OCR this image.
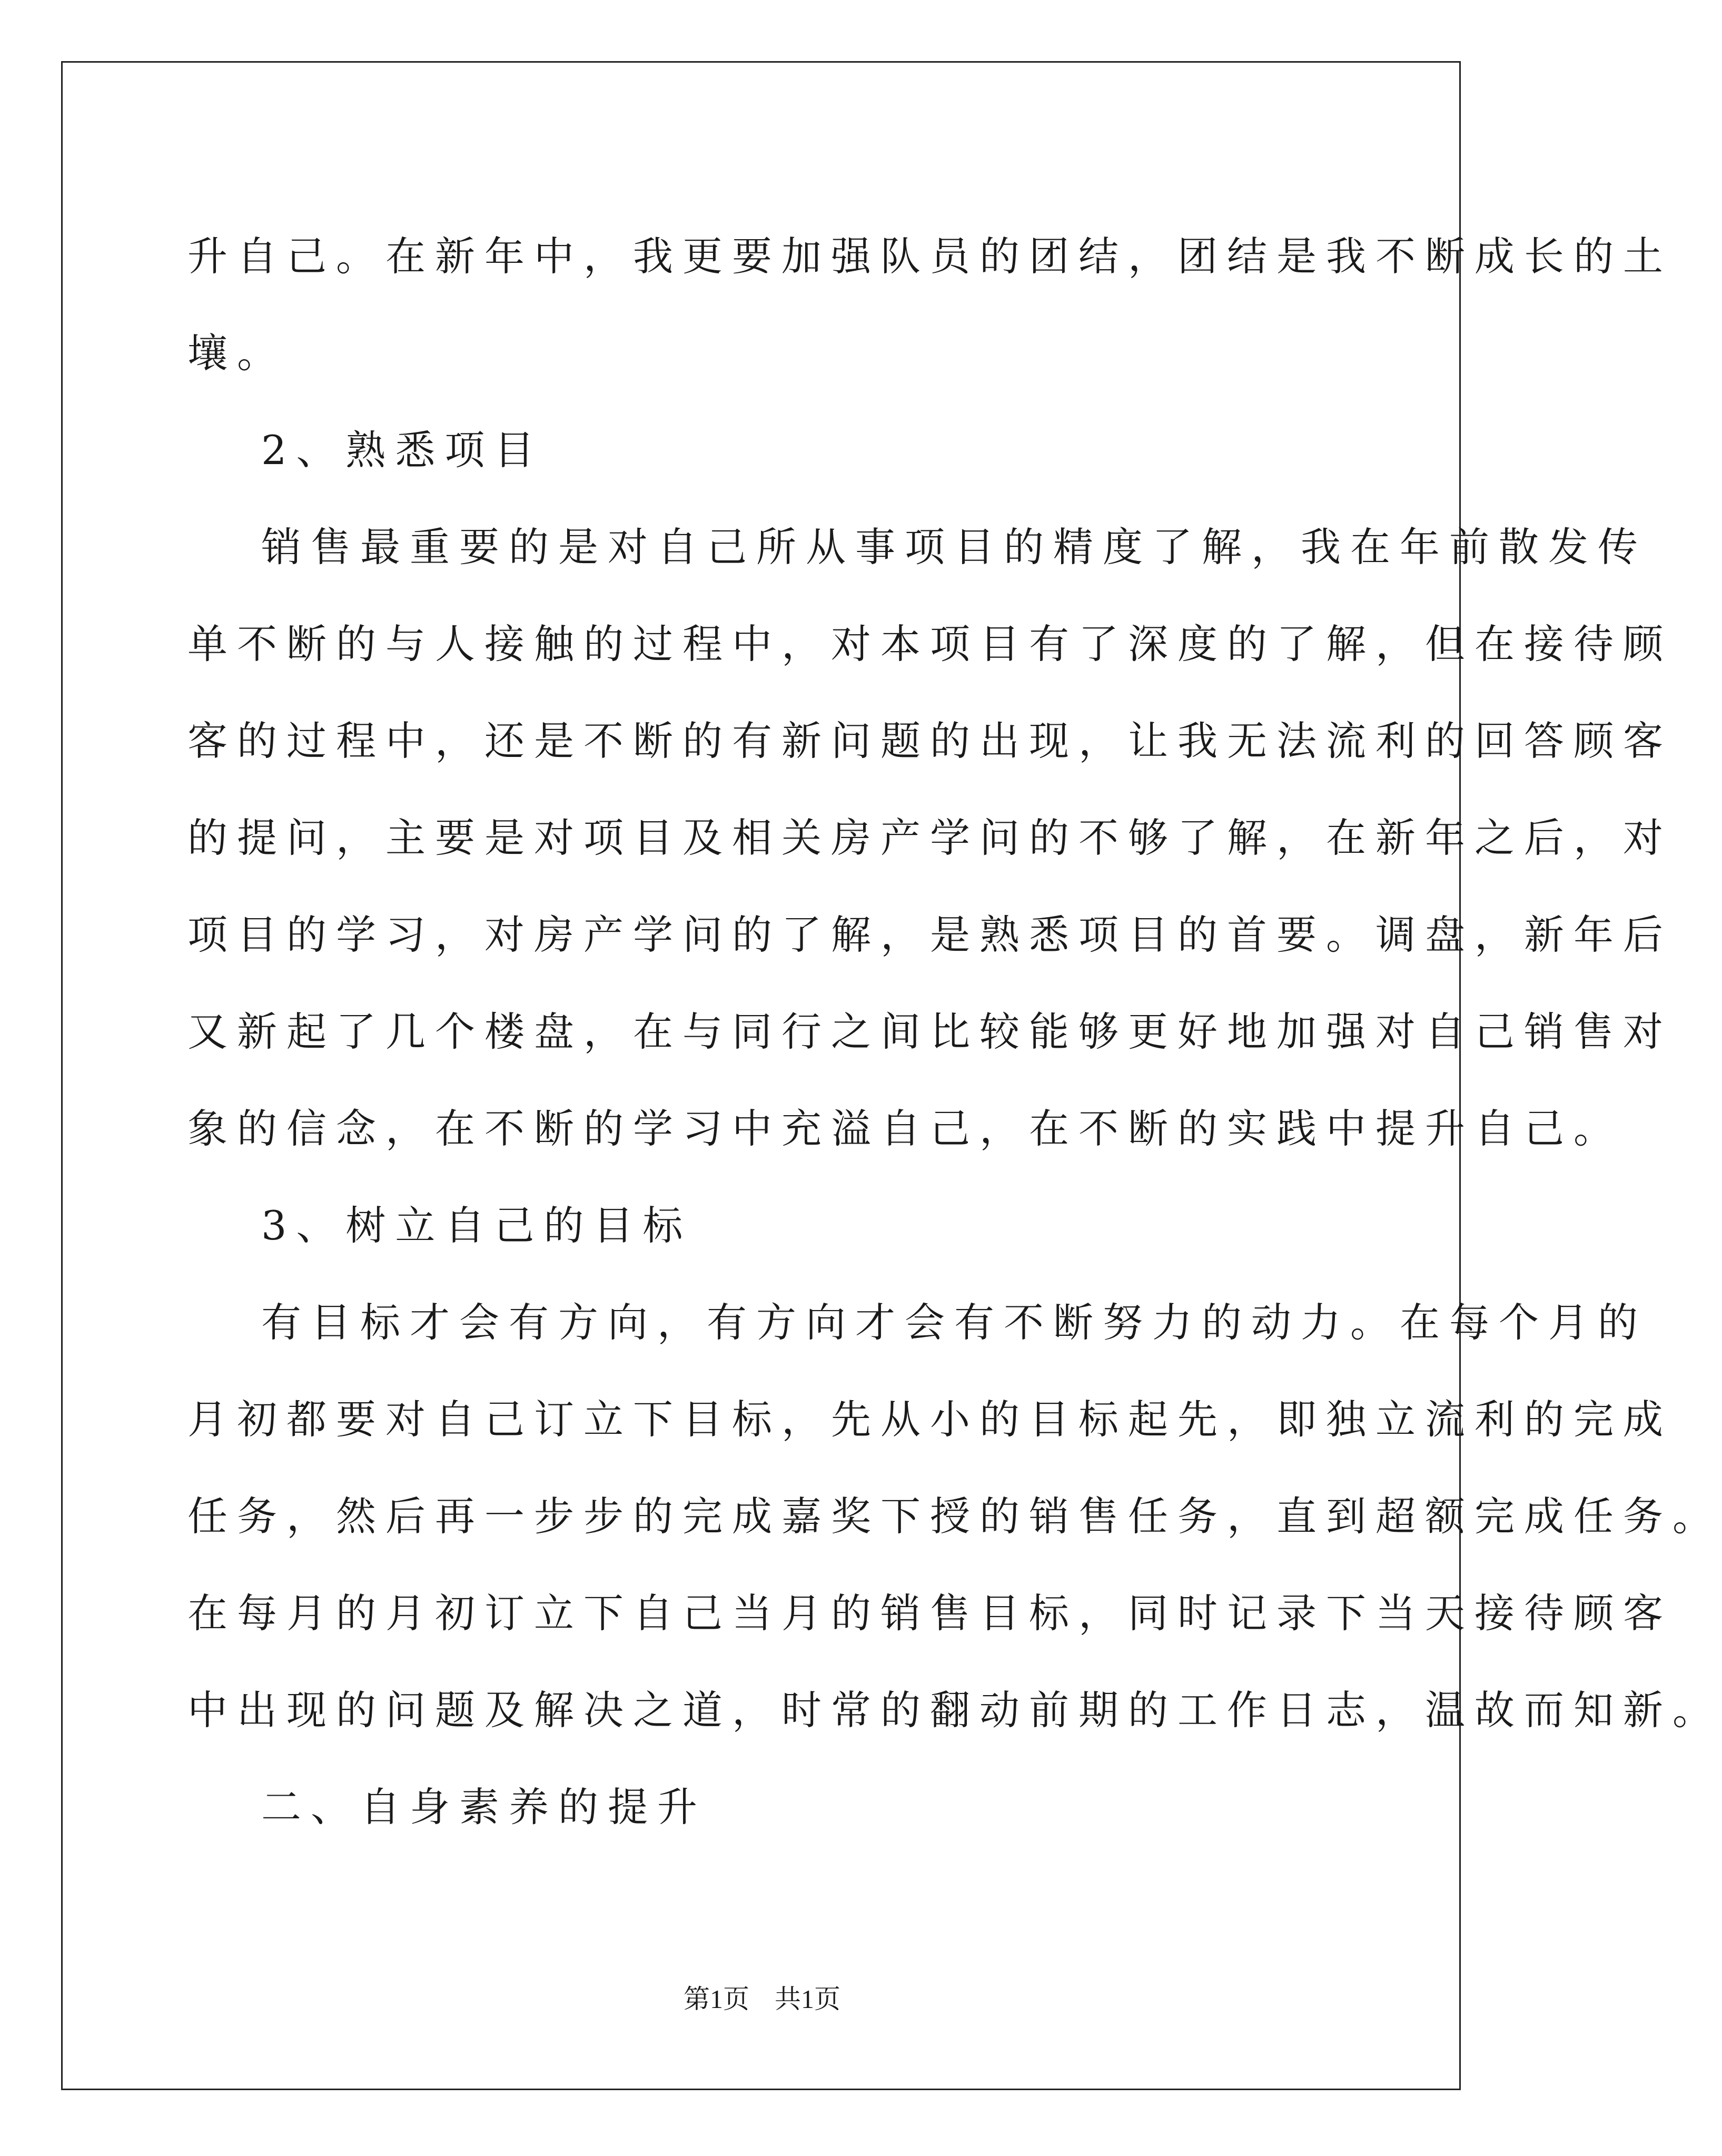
升自己。在新年中，我更要加强队员的团结，团结是我不断成长的土
壤。
2、熟悉项目
销售最重要的是对自己所从事项目的精度了解，我在年前散发传
单不断的与人接触的过程中，对本项目有了深度的了解，但在接待顾
客的过程中，还是不断的有新问题的出现，让我无法流利的回答顾客
的提问，主要是对项目及相关房产学问的不够了解，在新年之后，对
项目的学习，对房产学问的了解，是熟悉项目的首要。调盘，新年后
又新起了几个楼盘，在与同行之间比较能够更好地加强对自己销售对
象的信念，在不断的学习中充溢自己，在不断的实践中提升自己。
3、树立自己的目标
有目标才会有方向，有方向才会有不断努力的动力。在每个月的
月初都要对自己订立下目标，先从小的目标起先，即独立流利的完成
任务，然后再一步步的完成嘉奖下授的销售任务，直到超额完成任务。
在每月的月初订立下自己当月的销售目标，同时记录下当天接待顾客
中出现的问题及解决之道，时常的翻动前期的工作日志，温故而知新。
二、自身素养的提升
第1页 共1页
